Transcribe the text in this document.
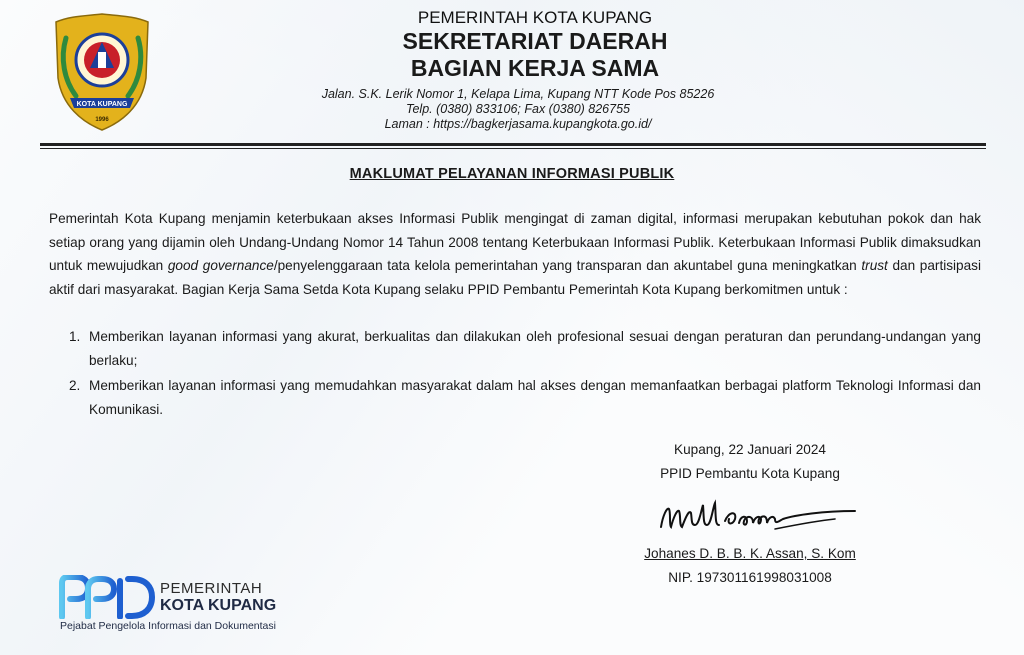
KOTA KUPANG
1996
PEMERINTAH KOTA KUPANG
SEKRETARIAT DAERAH
BAGIAN KERJA SAMA
Jalan. S.K. Lerik Nomor 1, Kelapa Lima, Kupang NTT Kode Pos 85226
Telp. (0380) 833106; Fax (0380) 826755
Laman : https://bagkerjasama.kupangkota.go.id/
MAKLUMAT PELAYANAN INFORMASI PUBLIK

Pemerintah Kota Kupang menjamin keterbukaan akses Informasi Publik mengingat di zaman digital, informasi merupakan kebutuhan pokok dan hak setiap orang yang dijamin oleh Undang-Undang Nomor 14 Tahun 2008 tentang Keterbukaan Informasi Publik. Keterbukaan Informasi Publik dimaksudkan untuk mewujudkan good governance/penyelenggaraan tata kelola pemerintahan yang transparan dan akuntabel guna meningkatkan trust dan partisipasi aktif dari masyarakat. Bagian Kerja Sama Setda Kota Kupang selaku PPID Pembantu Pemerintah Kota Kupang berkomitmen untuk :

1. Memberikan layanan informasi yang akurat, berkualitas dan dilakukan oleh profesional sesuai dengan peraturan dan perundang-undangan yang berlaku;
2. Memberikan layanan informasi yang memudahkan masyarakat dalam hal akses dengan memanfaatkan berbagai platform Teknologi Informasi dan Komunikasi.
Kupang, 22 Januari 2024
PPID Pembantu Kota Kupang
Johanes D. B. B. K. Assan, S. Kom
NIP. 197301161998031008
PPID
PEMERINTAH
KOTA KUPANG
Pejabat Pengelola Informasi dan Dokumentasi
